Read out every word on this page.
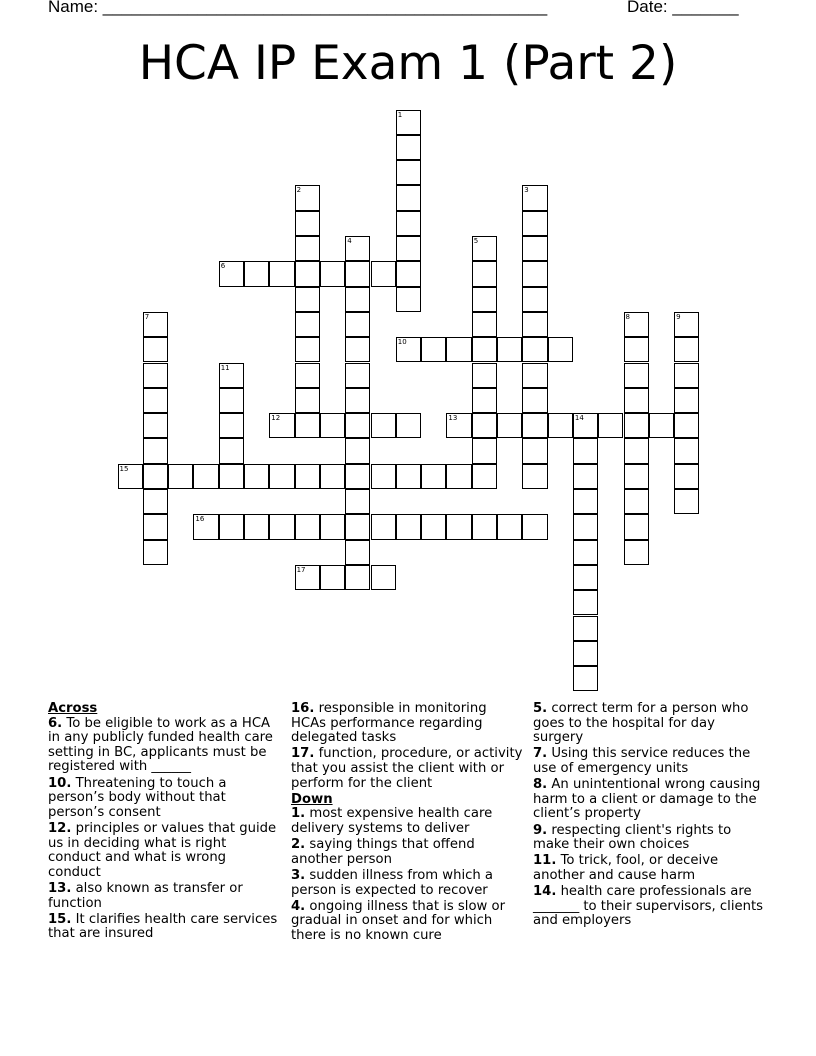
Name: _______________________________________________	Date: _______
HCA IP Exam 1 (Part 2)
1
2	3
4	5
6
7	8	9
10
11
12	13	14
15
16
17
Across
6. To be eligible to work as a HCA in any publicly funded health care setting in BC, applicants must be registered with ______
10. Threatening to touch a person’s body without that person’s consent
12. principles or values that guide us in deciding what is right conduct and what is wrong conduct
13. also known as transfer or function
15. It clarifies health care services that are insured
16. responsible in monitoring HCAs performance regarding delegated tasks
17. function, procedure, or activity that you assist the client with or perform for the client
Down
1. most expensive health care delivery systems to deliver
2. saying things that offend another person
3. sudden illness from which a person is expected to recover
4. ongoing illness that is slow or gradual in onset and for which there is no known cure
5. correct term for a person who goes to the hospital for day surgery
7. Using this service reduces the use of emergency units
8. An unintentional wrong causing harm to a client or damage to the client’s property
9. respecting client's rights to make their own choices
11. To trick, fool, or deceive another and cause harm
14. health care professionals are _______ to their supervisors, clients and employers
